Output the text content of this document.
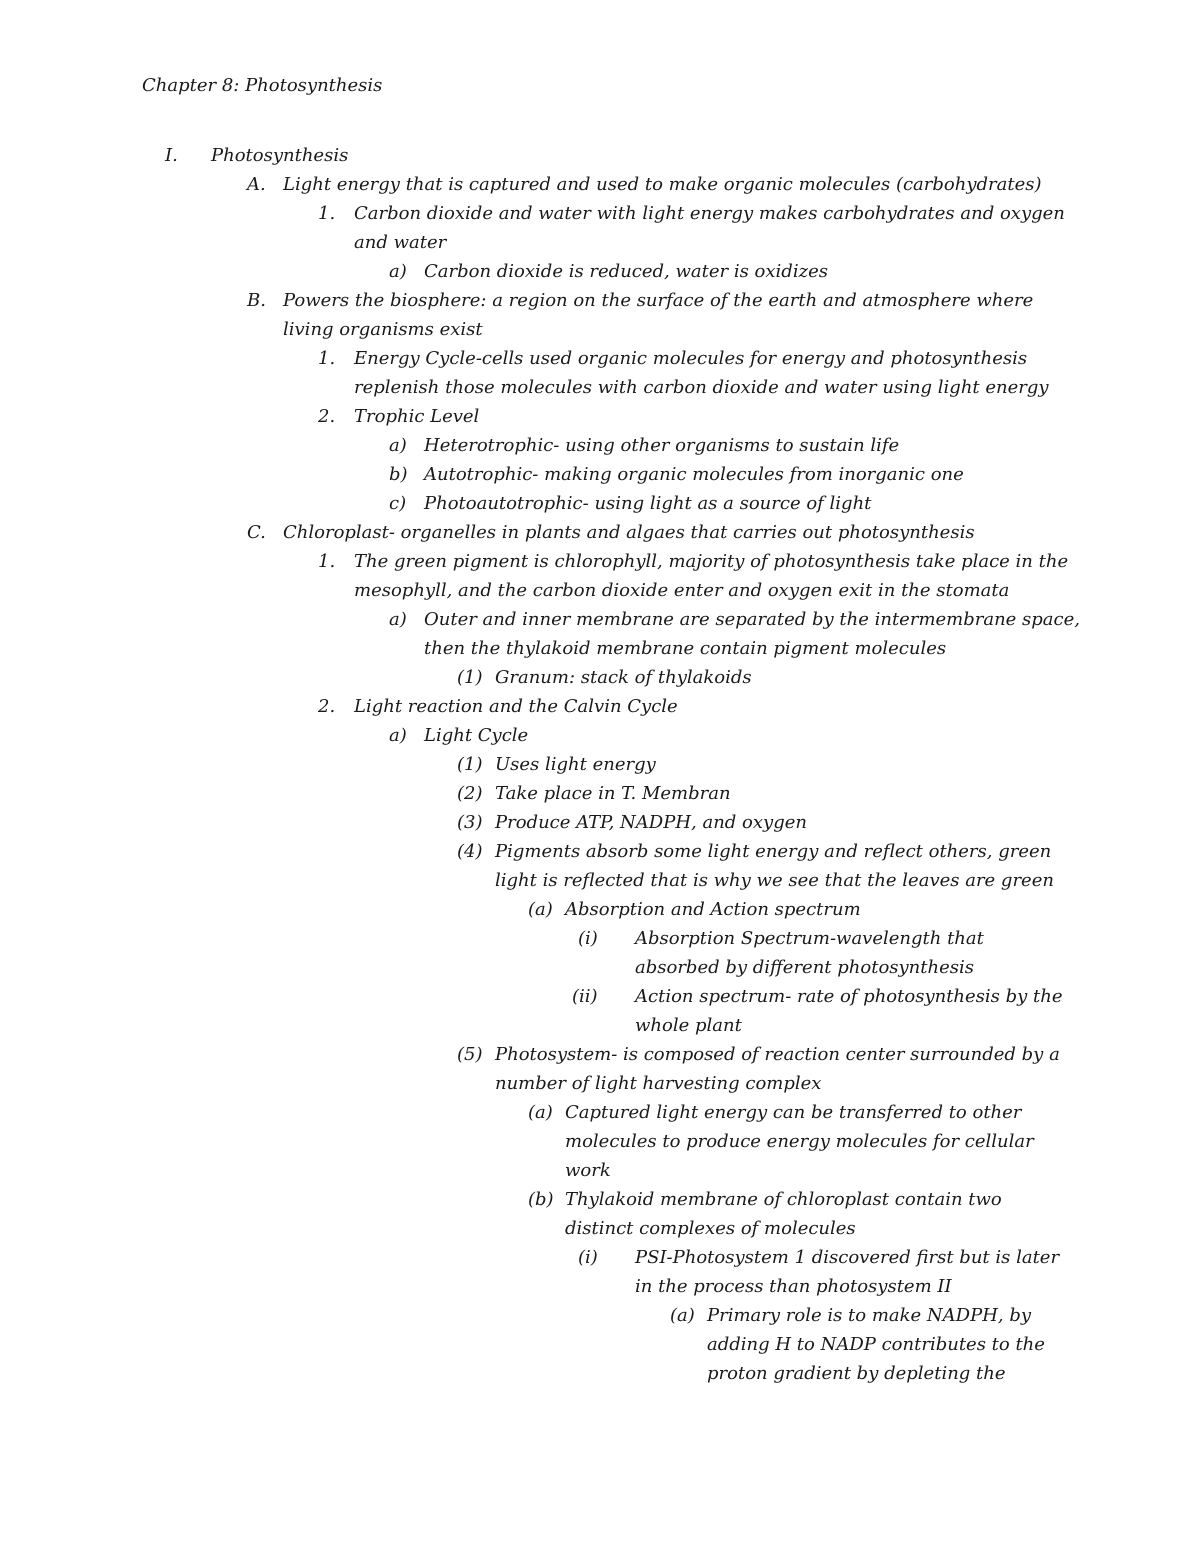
Chapter 8: Photosynthesis
I. Photosynthesis
A. Light energy that is captured and used to make organic molecules (carbohydrates)
1. Carbon dioxide and water with light energy makes carbohydrates and oxygen
and water
a) Carbon dioxide is reduced, water is oxidizes
B. Powers the biosphere: a region on the surface of the earth and atmosphere where
living organisms exist
1. Energy Cycle-cells used organic molecules for energy and photosynthesis
replenish those molecules with carbon dioxide and water using light energy
2. Trophic Level
a) Heterotrophic- using other organisms to sustain life
b) Autotrophic- making organic molecules from inorganic one
c) Photoautotrophic- using light as a source of light
C. Chloroplast- organelles in plants and algaes that carries out photosynthesis
1. The green pigment is chlorophyll, majority of photosynthesis take place in the
mesophyll, and the carbon dioxide enter and oxygen exit in the stomata
a) Outer and inner membrane are separated by the intermembrane space,
then the thylakoid membrane contain pigment molecules
(1) Granum: stack of thylakoids
2. Light reaction and the Calvin Cycle
a) Light Cycle
(1) Uses light energy
(2) Take place in T. Membran
(3) Produce ATP, NADPH, and oxygen
(4) Pigments absorb some light energy and reflect others, green
light is reflected that is why we see that the leaves are green
(a) Absorption and Action spectrum
(i) Absorption Spectrum-wavelength that
absorbed by different photosynthesis
(ii) Action spectrum- rate of photosynthesis by the
whole plant
(5) Photosystem- is composed of reaction center surrounded by a
number of light harvesting complex
(a) Captured light energy can be transferred to other
molecules to produce energy molecules for cellular
work
(b) Thylakoid membrane of chloroplast contain two
distinct complexes of molecules
(i) PSI-Photosystem 1 discovered first but is later
in the process than photosystem II
(a) Primary role is to make NADPH, by
adding H to NADP contributes to the
proton gradient by depleting the
